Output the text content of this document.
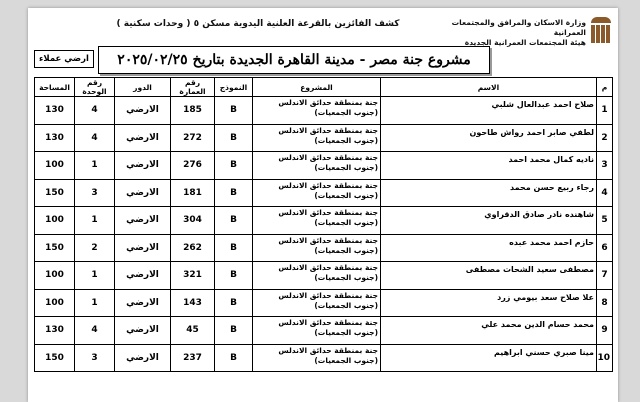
كشف الفائزين بالقرعة العلنية اليدوية مسكن ٥ ( وحدات سكنية )	وزارة الاسكان والمرافق والمجتمعات العمرانية
هيئة المجتمعات العمرانية الجديدة
ارضي عملاء	مشروع جنة مصر - مدينة القاهرة الجديدة بتاريخ ٢٠٢٥/٠٢/٢٥
م	الاسم	المشروع	النموذج	رقم العمارة	الدور	رقم الوحدة	المساحة
1	صلاح احمد عبدالعال شلبي	جنة بمنطقة حدائق الاندلس (جنوب الجمعيات)	B	185	الارضي	4	130
2	لطفي صابر احمد رواش طاحون	جنة بمنطقة حدائق الاندلس (جنوب الجمعيات)	B	272	الارضي	4	130
3	ناديه كمال محمد احمد	جنة بمنطقة حدائق الاندلس (جنوب الجمعيات)	B	276	الارضي	1	100
4	رجاء ربيع حسن محمد	جنة بمنطقة حدائق الاندلس (جنوب الجمعيات)	B	181	الارضي	3	150
5	شاهنده نادر صادق الدقراوي	جنة بمنطقة حدائق الاندلس (جنوب الجمعيات)	B	304	الارضي	1	100
6	حازم احمد محمد عبده	جنة بمنطقة حدائق الاندلس (جنوب الجمعيات)	B	262	الارضي	2	150
7	مصطفى سعيد الشحات مصطفى	جنة بمنطقة حدائق الاندلس (جنوب الجمعيات)	B	321	الارضي	1	100
8	علا صلاح سعد بيومي زرد	جنة بمنطقة حدائق الاندلس (جنوب الجمعيات)	B	143	الارضي	1	100
9	محمد حسام الدين محمد علي	جنة بمنطقة حدائق الاندلس (جنوب الجمعيات)	B	45	الارضي	4	130
10	مينا صبري حسني ابراهيم	جنة بمنطقة حدائق الاندلس (جنوب الجمعيات)	B	237	الارضي	3	150
